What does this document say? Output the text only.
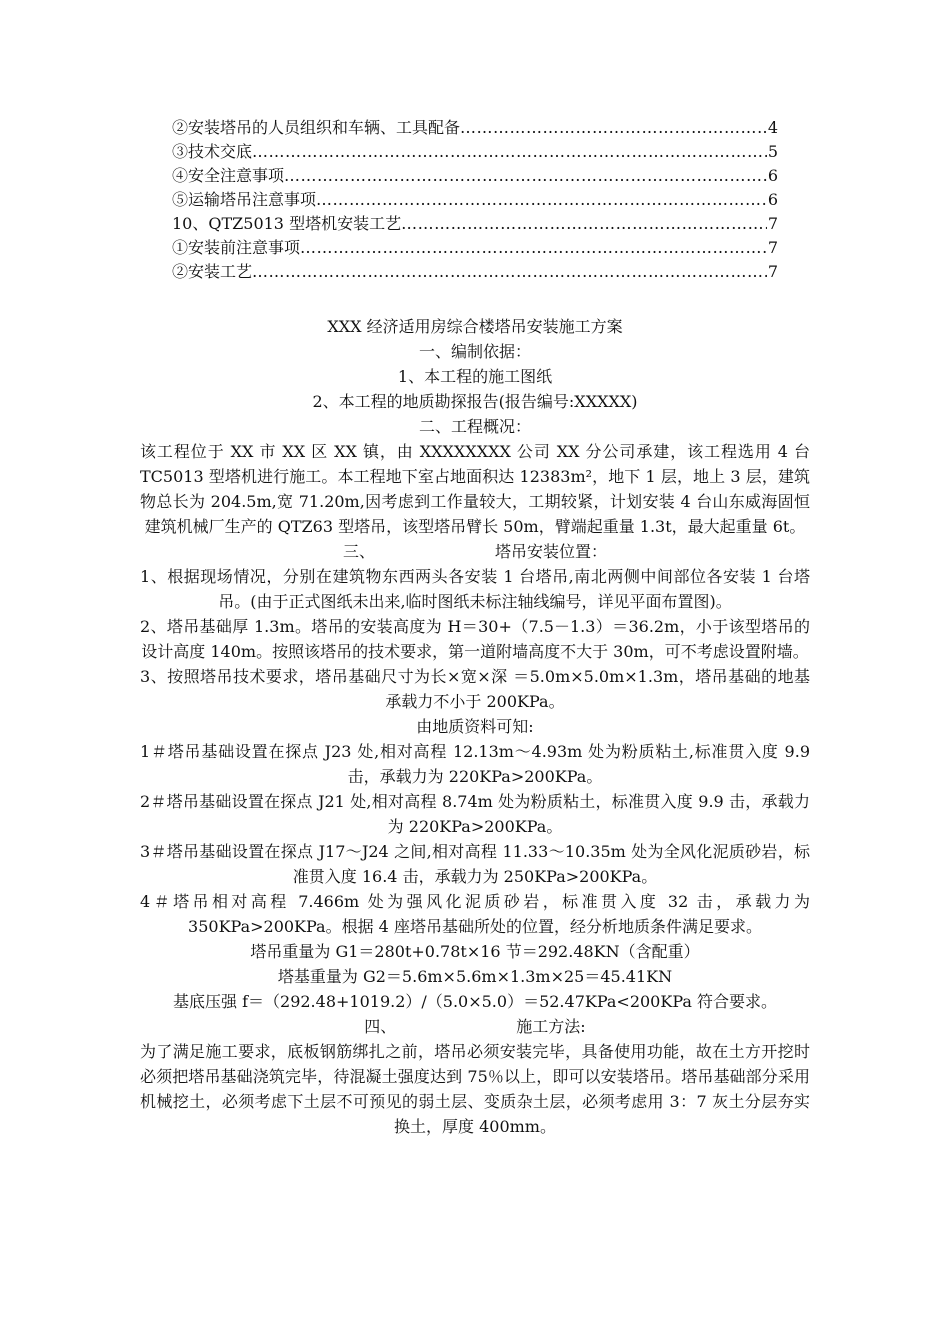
②安装塔吊的人员组织和车辆、工具配备 ……………………………………………………………………………………………………………………	4
③技术交底 ……………………………………………………………………………………………………………………	5
④安全注意事项 ……………………………………………………………………………………………………………………	6
⑤运输塔吊注意事项 ……………………………………………………………………………………………………………………	6
10、QTZ5013 型塔机安装工艺 ……………………………………………………………………………………………………………………	7
①安装前注意事项 ……………………………………………………………………………………………………………………	7
②安装工艺 ……………………………………………………………………………………………………………………	7

XXX 经济适用房综合楼塔吊安装施工方案

一、编制依据：

1、本工程的施工图纸

2、本工程的地质勘探报告(报告编号:XXXXX)

二、工程概况：

该工程位于 XX 市 XX 区 XX 镇，由 XXXXXXXX 公司 XX 分公司承建，该工程选用 4 台 TC5013 型塔机进行施工。本工程地下室占地面积达 12383m²，地下 1 层，地上 3 层，建筑物总长为 204.5m,宽 71.20m,因考虑到工作量较大，工期较紧，计划安装 4 台山东威海固恒建筑机械厂生产的 QTZ63 型塔吊，该型塔吊臂长 50m，臂端起重量 1.3t，最大起重量 6t。

三、	塔吊安装位置：

1、根据现场情况，分别在建筑物东西两头各安装 1 台塔吊,南北两侧中间部位各安装 1 台塔吊。(由于正式图纸未出来,临时图纸未标注轴线编号，详见平面布置图)。

2、塔吊基础厚 1.3m。塔吊的安装高度为 H＝30+（7.5－1.3）＝36.2m，小于该型塔吊的设计高度 140m。按照该塔吊的技术要求，第一道附墙高度不大于 30m，可不考虑设置附墙。

3、按照塔吊技术要求，塔吊基础尺寸为长×宽×深 ＝5.0m×5.0m×1.3m，塔吊基础的地基承载力不小于 200KPa。

由地质资料可知:

1＃塔吊基础设置在探点 J23 处,相对高程 12.13m～4.93m 处为粉质粘土,标准贯入度 9.9 击，承载力为 220KPa>200KPa。

2＃塔吊基础设置在探点 J21 处,相对高程 8.74m 处为粉质粘土，标准贯入度 9.9 击，承载力为 220KPa>200KPa。

3＃塔吊基础设置在探点 J17～J24 之间,相对高程 11.33～10.35m 处为全风化泥质砂岩，标准贯入度 16.4 击，承载力为 250KPa>200KPa。

4＃塔吊相对高程 7.466m 处为强风化泥质砂岩，标准贯入度 32 击，承载力为 350KPa>200KPa。根据 4 座塔吊基础所处的位置，经分析地质条件满足要求。

塔吊重量为 G1＝280t+0.78t×16 节＝292.48KN（含配重）

塔基重量为 G2＝5.6m×5.6m×1.3m×25＝45.41KN

基底压强 f＝（292.48+1019.2）/（5.0×5.0）＝52.47KPa<200KPa 符合要求。

四、	施工方法:

为了满足施工要求，底板钢筋绑扎之前，塔吊必须安装完毕，具备使用功能，故在土方开挖时必须把塔吊基础浇筑完毕，待混凝土强度达到 75％以上，即可以安装塔吊。塔吊基础部分采用机械挖土，必须考虑下土层不可预见的弱土层、变质杂土层，必须考虑用 3：7 灰土分层夯实换土，厚度 400mm。
